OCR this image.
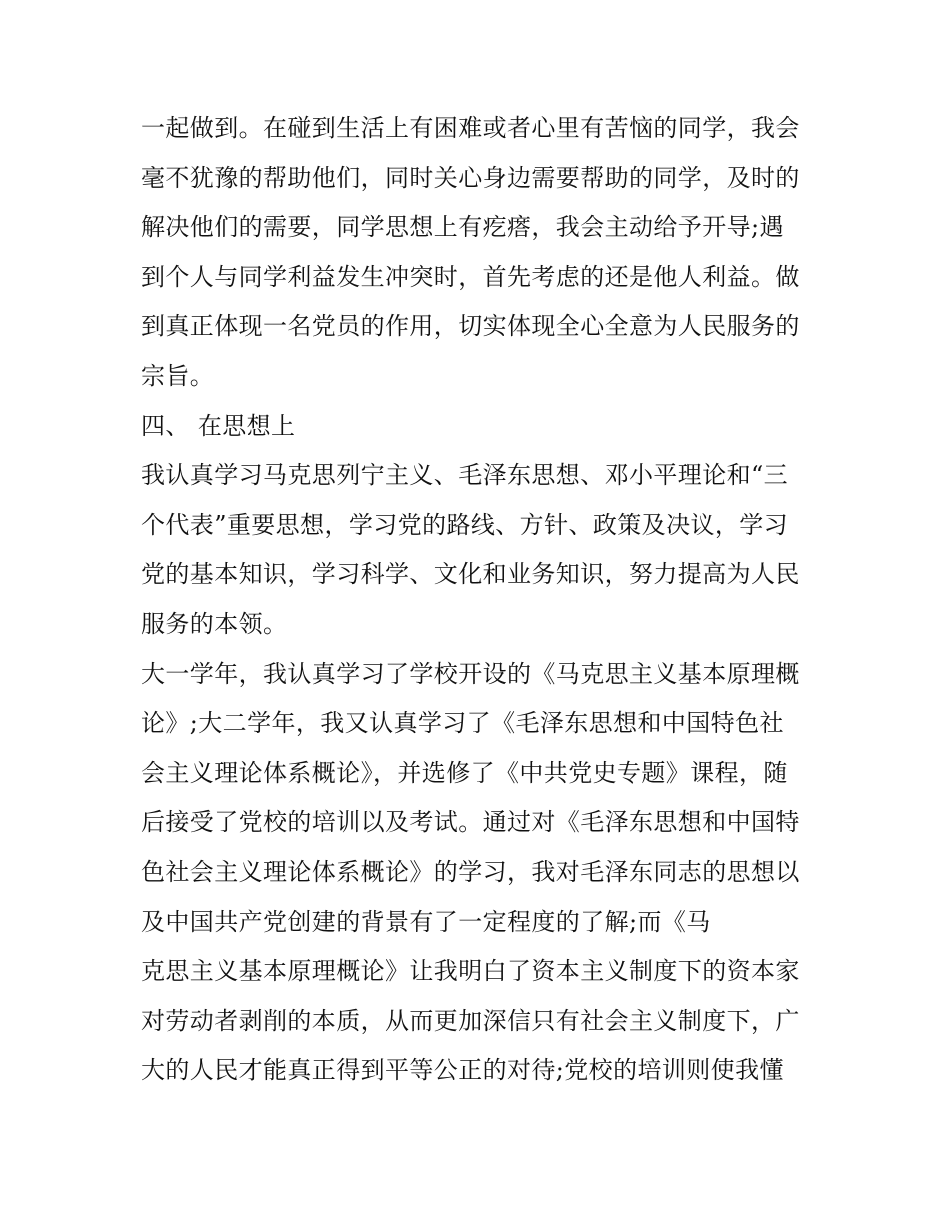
一起做到。在碰到生活上有困难或者心里有苦恼的同学，我会
毫不犹豫的帮助他们，同时关心身边需要帮助的同学，及时的
解决他们的需要，同学思想上有疙瘩，我会主动给予开导;遇
到个人与同学利益发生冲突时，首先考虑的还是他人利益。做
到真正体现一名党员的作用，切实体现全心全意为人民服务的
宗旨。
四、 在思想上
我认真学习马克思列宁主义、毛泽东思想、邓小平理论和“三
个代表”重要思想，学习党的路线、方针、政策及决议，学习
党的基本知识，学习科学、文化和业务知识，努力提高为人民
服务的本领。
大一学年，我认真学习了学校开设的《马克思主义基本原理概
论》;大二学年，我又认真学习了《毛泽东思想和中国特色社
会主义理论体系概论》，并选修了《中共党史专题》课程，随
后接受了党校的培训以及考试。通过对《毛泽东思想和中国特
色社会主义理论体系概论》的学习，我对毛泽东同志的思想以
及中国共产党创建的背景有了一定程度的了解;而《马
克思主义基本原理概论》让我明白了资本主义制度下的资本家
对劳动者剥削的本质，从而更加深信只有社会主义制度下，广
大的人民才能真正得到平等公正的对待;党校的培训则使我懂
